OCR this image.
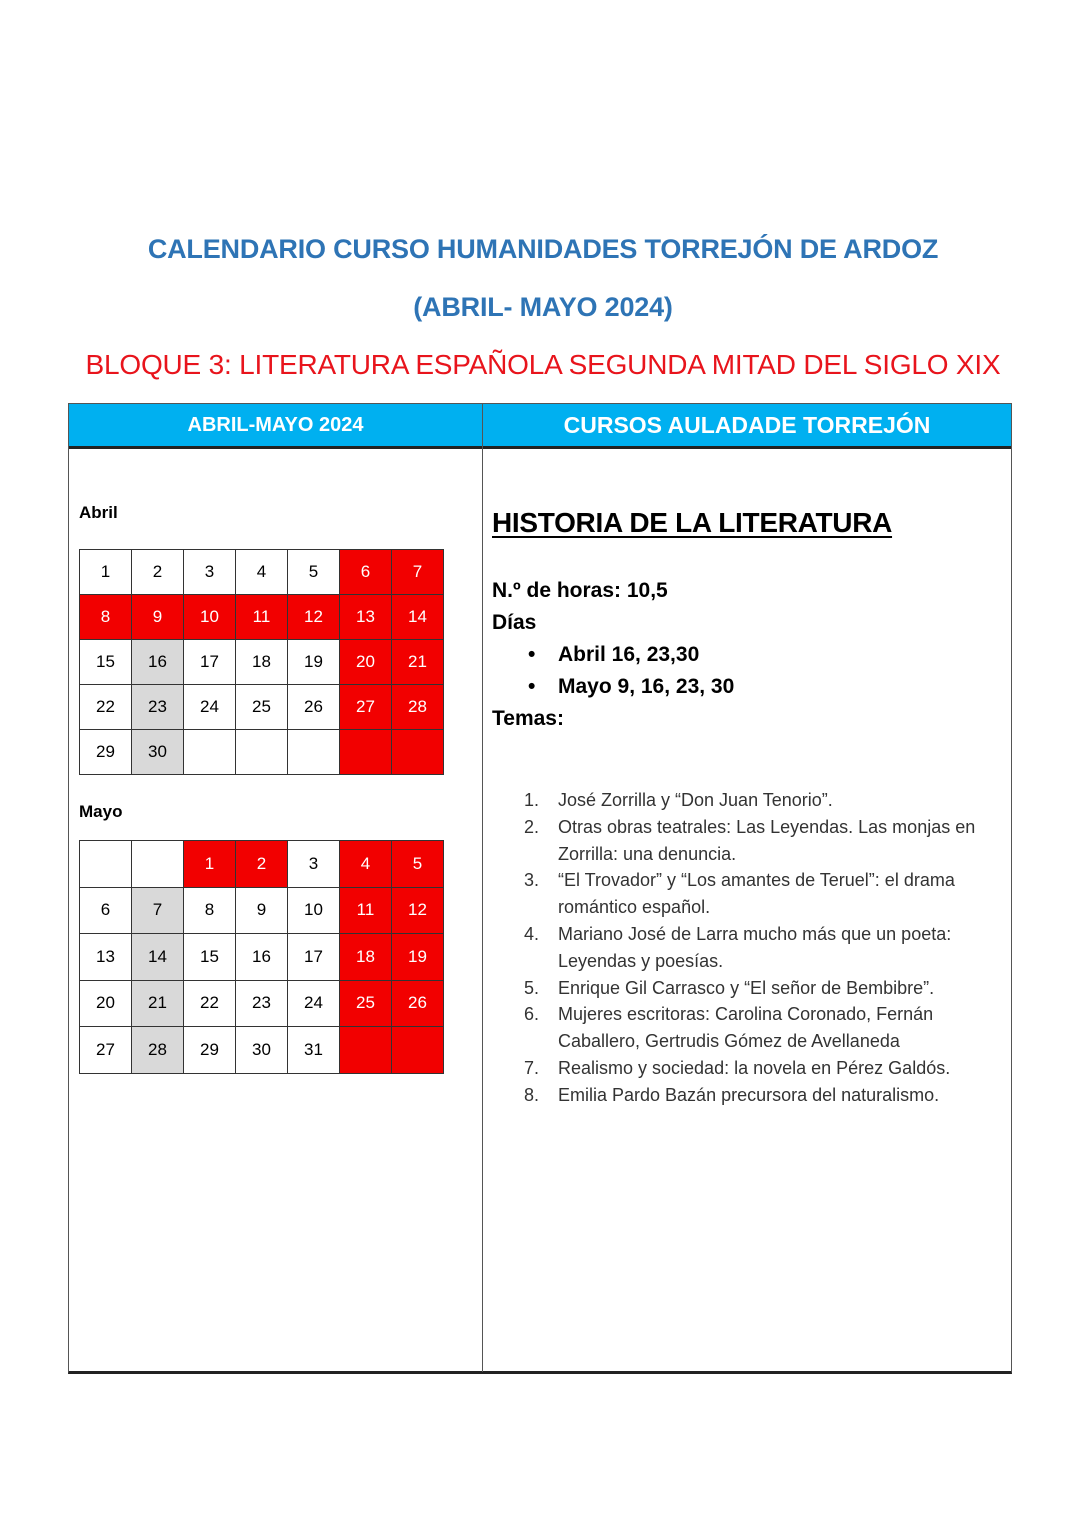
CALENDARIO CURSO HUMANIDADES TORREJÓN DE ARDOZ
(ABRIL- MAYO 2024)
BLOQUE 3: LITERATURA ESPAÑOLA SEGUNDA MITAD DEL SIGLO XIX
ABRIL-MAYO 2024	CURSOS AULADADE TORREJÓN
Abril
1	2	3	4	5	6	7
8	9	10	11	12	13	14
15	16	17	18	19	20	21
22	23	24	25	26	27	28
29	30					
Mayo
		1	2	3	4	5
6	7	8	9	10	11	12
13	14	15	16	17	18	19
20	21	22	23	24	25	26
27	28	29	30	31		
HISTORIA DE LA LITERATURA
N.º de horas: 10,5
Días
• Abril 16, 23,30
• Mayo 9, 16, 23, 30
Temas:
1. José Zorrilla y “Don Juan Tenorio”.
2. Otras obras teatrales: Las Leyendas. Las monjas en Zorrilla: una denuncia.
3. “El Trovador” y “Los amantes de Teruel”: el drama romántico español.
4. Mariano José de Larra mucho más que un poeta: Leyendas y poesías.
5. Enrique Gil Carrasco y “El señor de Bembibre”.
6. Mujeres escritoras: Carolina Coronado, Fernán Caballero, Gertrudis Gómez de Avellaneda
7. Realismo y sociedad: la novela en Pérez Galdós.
8. Emilia Pardo Bazán precursora del naturalismo.
